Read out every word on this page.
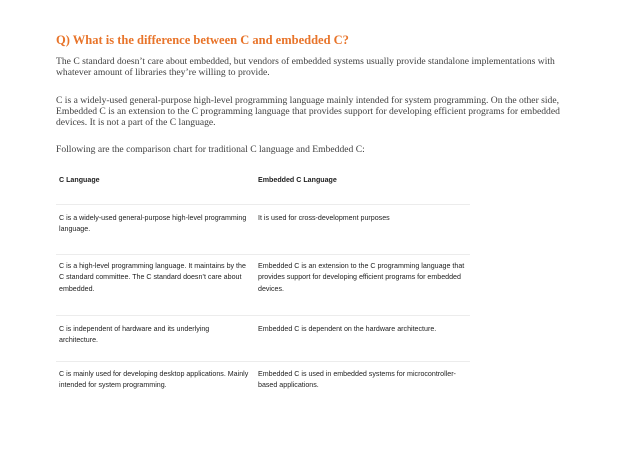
Q) What is the difference between C and embedded C?

The C standard doesn’t care about embedded, but vendors of embedded systems usually provide standalone implementations with whatever amount of libraries they’re willing to provide.

C is a widely-used general-purpose high-level programming language mainly intended for system programming. On the other side, Embedded C is an extension to the C programming language that provides support for developing efficient programs for embedded devices. It is not a part of the C language.

Following are the comparison chart for traditional C language and Embedded C:

C Language	Embedded C Language
C is a widely-used general-purpose high-level programming language.
It is used for cross-development purposes
C is a high-level programming language. It maintains by the C standard committee. The C standard doesn’t care about embedded.
Embedded C is an extension to the C programming language that provides support for developing efficient programs for embedded devices.
C is independent of hardware and its underlying architecture.
Embedded C is dependent on the hardware architecture.
C is mainly used for developing desktop applications. Mainly intended for system programming.
Embedded C is used in embedded systems for microcontroller-based applications.
